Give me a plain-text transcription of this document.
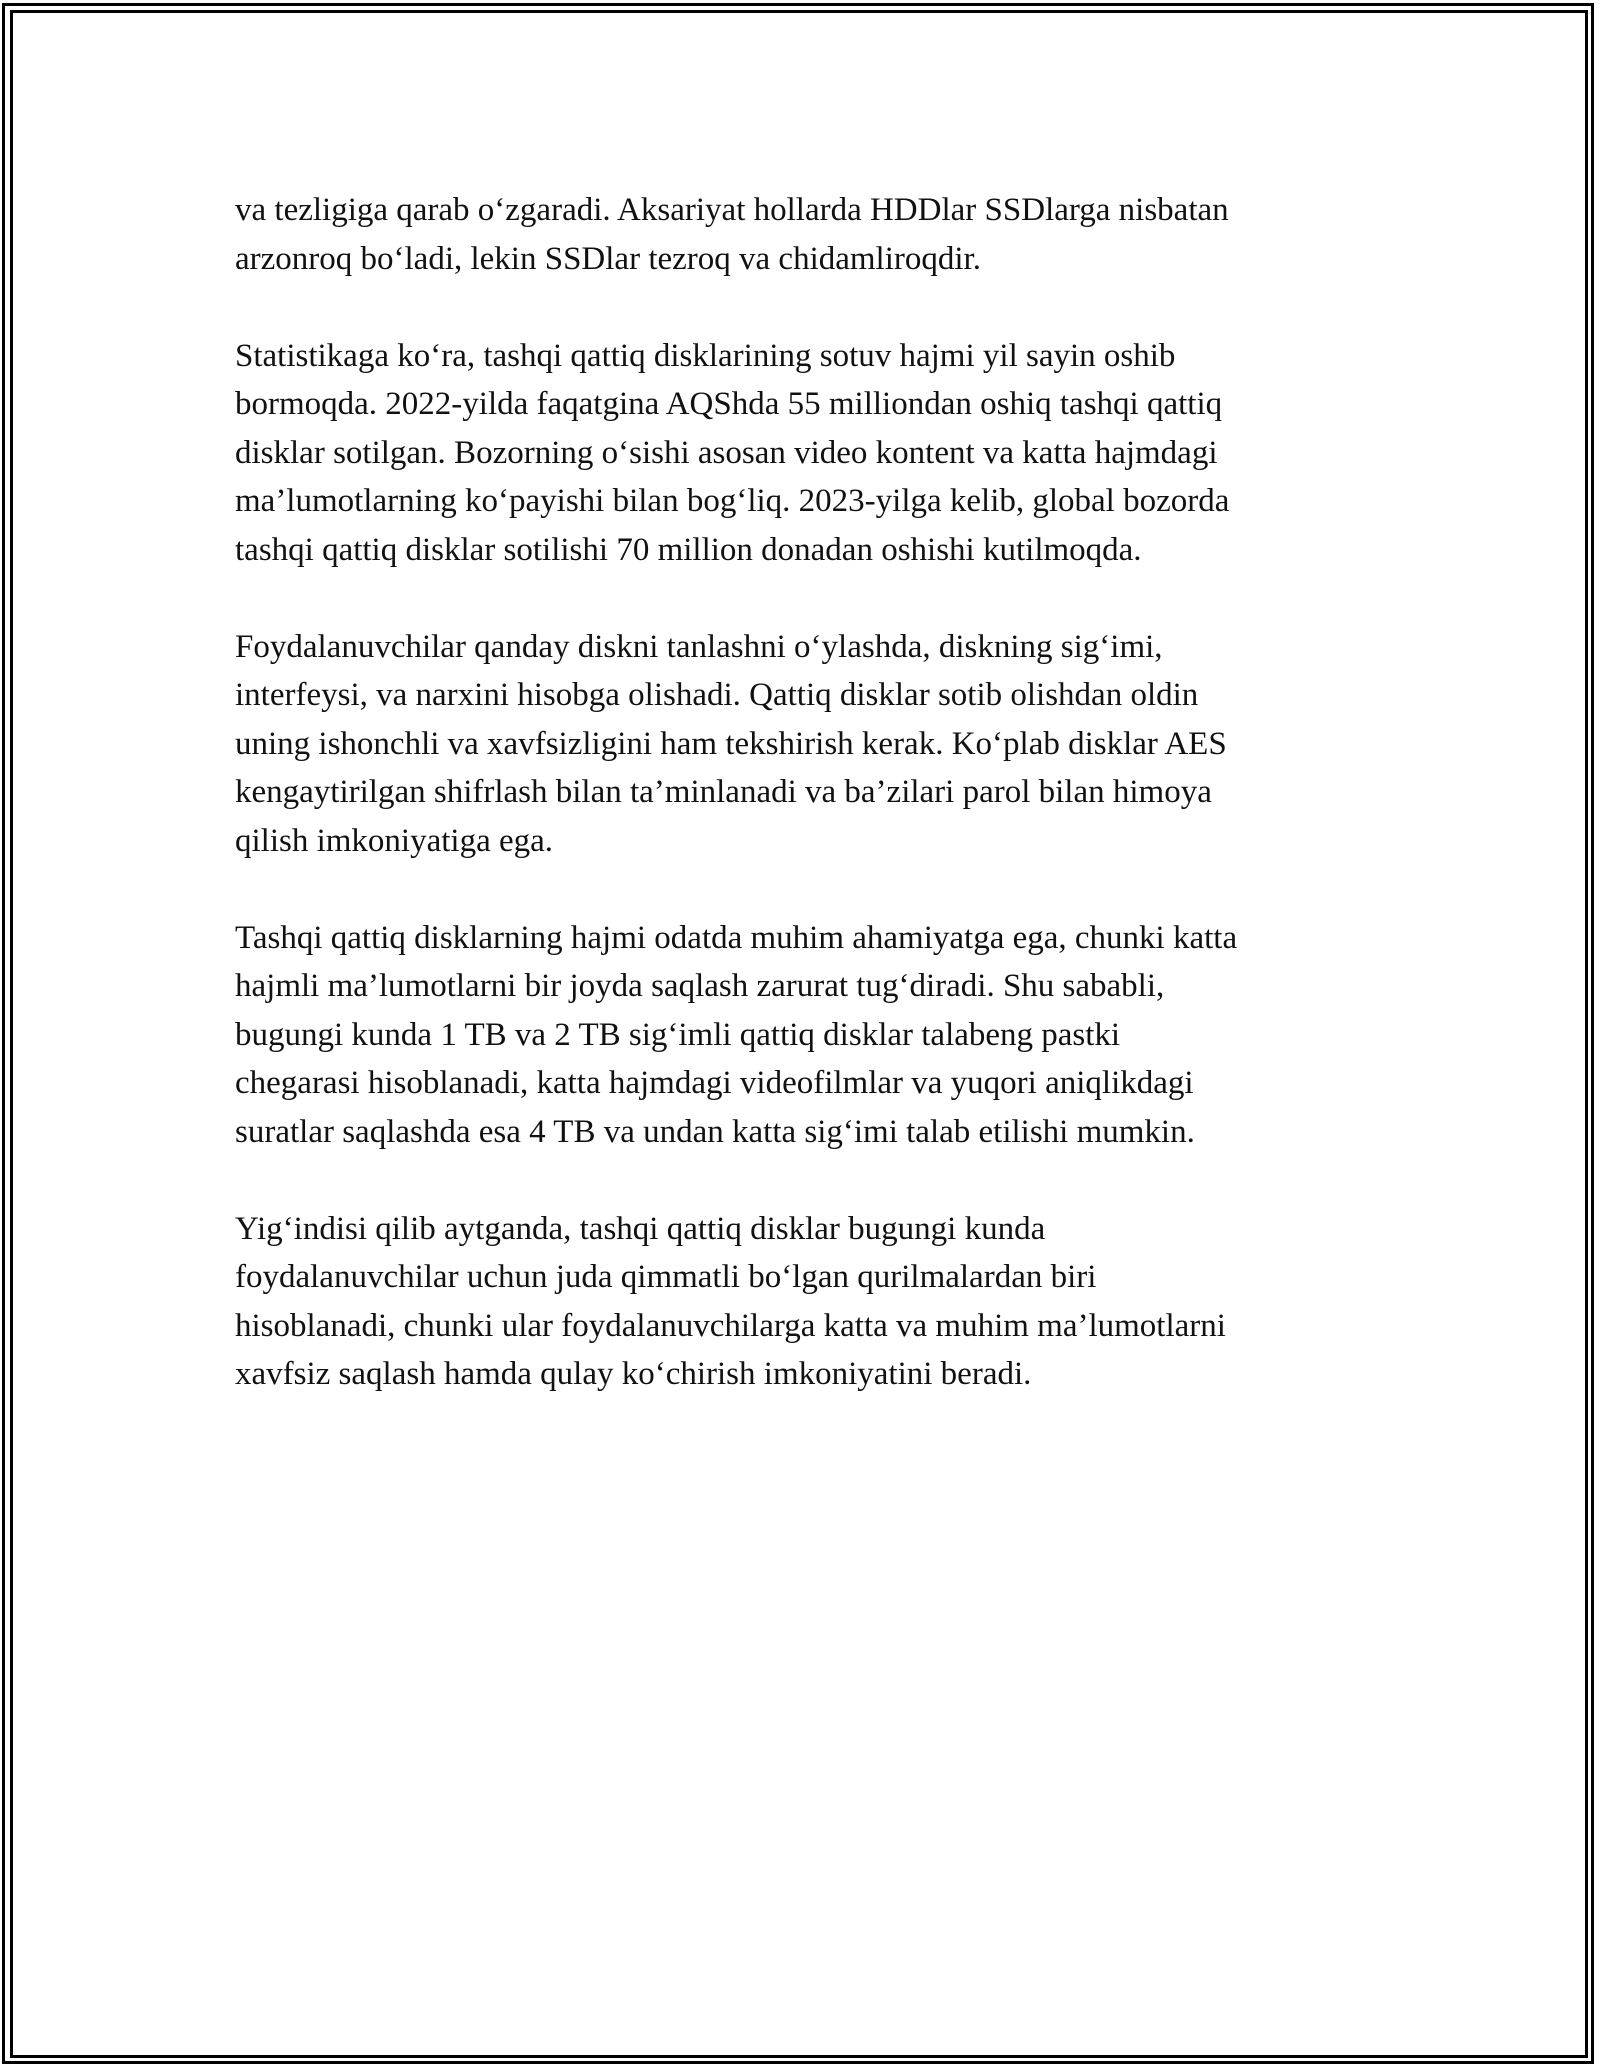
va tezligiga qarab o‘zgaradi. Aksariyat hollarda HDDlar SSDlarga nisbatan
arzonroq bo‘ladi, lekin SSDlar tezroq va chidamliroqdir.

Statistikaga ko‘ra, tashqi qattiq disklarining sotuv hajmi yil sayin oshib
bormoqda. 2022-yilda faqatgina AQShda 55 milliondan oshiq tashqi qattiq
disklar sotilgan. Bozorning o‘sishi asosan video kontent va katta hajmdagi
ma’lumotlarning ko‘payishi bilan bog‘liq. 2023-yilga kelib, global bozorda
tashqi qattiq disklar sotilishi 70 million donadan oshishi kutilmoqda.

Foydalanuvchilar qanday diskni tanlashni o‘ylashda, diskning sig‘imi,
interfeysi, va narxini hisobga olishadi. Qattiq disklar sotib olishdan oldin
uning ishonchli va xavfsizligini ham tekshirish kerak. Ko‘plab disklar AES
kengaytirilgan shifrlash bilan ta’minlanadi va ba’zilari parol bilan himoya
qilish imkoniyatiga ega.

Tashqi qattiq disklarning hajmi odatda muhim ahamiyatga ega, chunki katta
hajmli ma’lumotlarni bir joyda saqlash zarurat tug‘diradi. Shu sababli,
bugungi kunda 1 TB va 2 TB sig‘imli qattiq disklar talabeng pastki
chegarasi hisoblanadi, katta hajmdagi videofilmlar va yuqori aniqlikdagi
suratlar saqlashda esa 4 TB va undan katta sig‘imi talab etilishi mumkin.

Yig‘indisi qilib aytganda, tashqi qattiq disklar bugungi kunda
foydalanuvchilar uchun juda qimmatli bo‘lgan qurilmalardan biri
hisoblanadi, chunki ular foydalanuvchilarga katta va muhim ma’lumotlarni
xavfsiz saqlash hamda qulay ko‘chirish imkoniyatini beradi.
